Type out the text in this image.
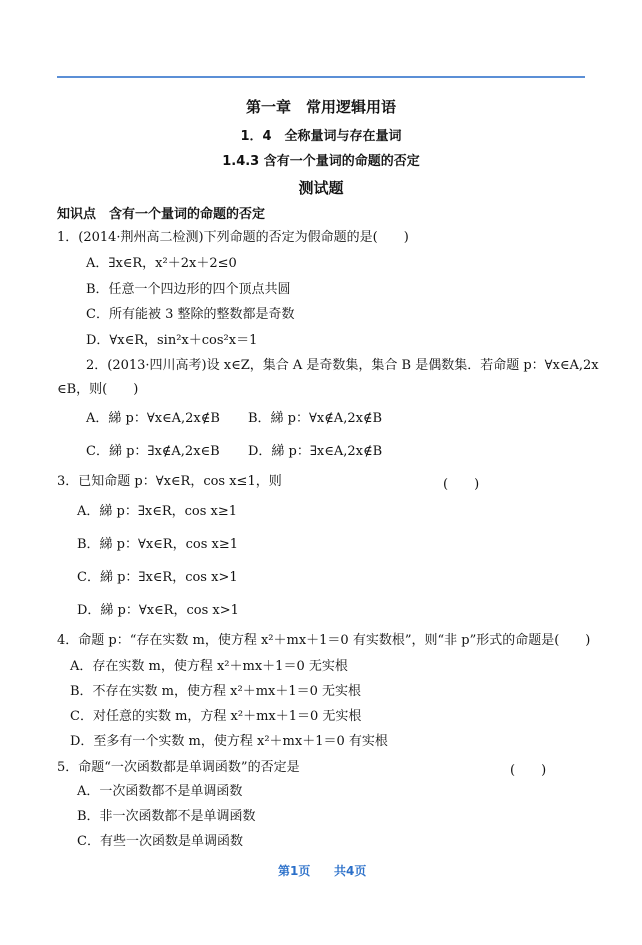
第一章　常用逻辑用语
1．4　全称量词与存在量词
1.4.3 含有一个量词的命题的否定
测试题
知识点　含有一个量词的命题的否定
1．(2014·荆州高二检测)下列命题的否定为假命题的是(　　)
A．∃x∈R，x²＋2x＋2≤0
B．任意一个四边形的四个顶点共圆
C．所有能被 3 整除的整数都是奇数
D．∀x∈R，sin²x＋cos²x＝1
2．(2013·四川高考)设 x∈Z，集合 A 是奇数集，集合 B 是偶数集．若命题 p：∀x∈A,2x
∈B，则(　　)
A．綈 p：∀x∈A,2x∉B B．綈 p：∀x∉A,2x∉B
C．綈 p：∃x∉A,2x∈B D．綈 p：∃x∈A,2x∉B
3．已知命题 p：∀x∈R，cos x≤1，则	(　　)
A．綈 p：∃x∈R，cos x≥1
B．綈 p：∀x∈R，cos x≥1
C．綈 p：∃x∈R，cos x>1
D．綈 p：∀x∈R，cos x>1
4．命题 p：“存在实数 m，使方程 x²＋mx＋1＝0 有实数根”，则“非 p”形式的命题是(　　)
A．存在实数 m，使方程 x²＋mx＋1＝0 无实根
B．不存在实数 m，使方程 x²＋mx＋1＝0 无实根
C．对任意的实数 m，方程 x²＋mx＋1＝0 无实根
D．至多有一个实数 m，使方程 x²＋mx＋1＝0 有实根
5．命题“一次函数都是单调函数”的否定是	(　　)
A．一次函数都不是单调函数
B．非一次函数都不是单调函数
C．有些一次函数是单调函数
第1页 共4页
